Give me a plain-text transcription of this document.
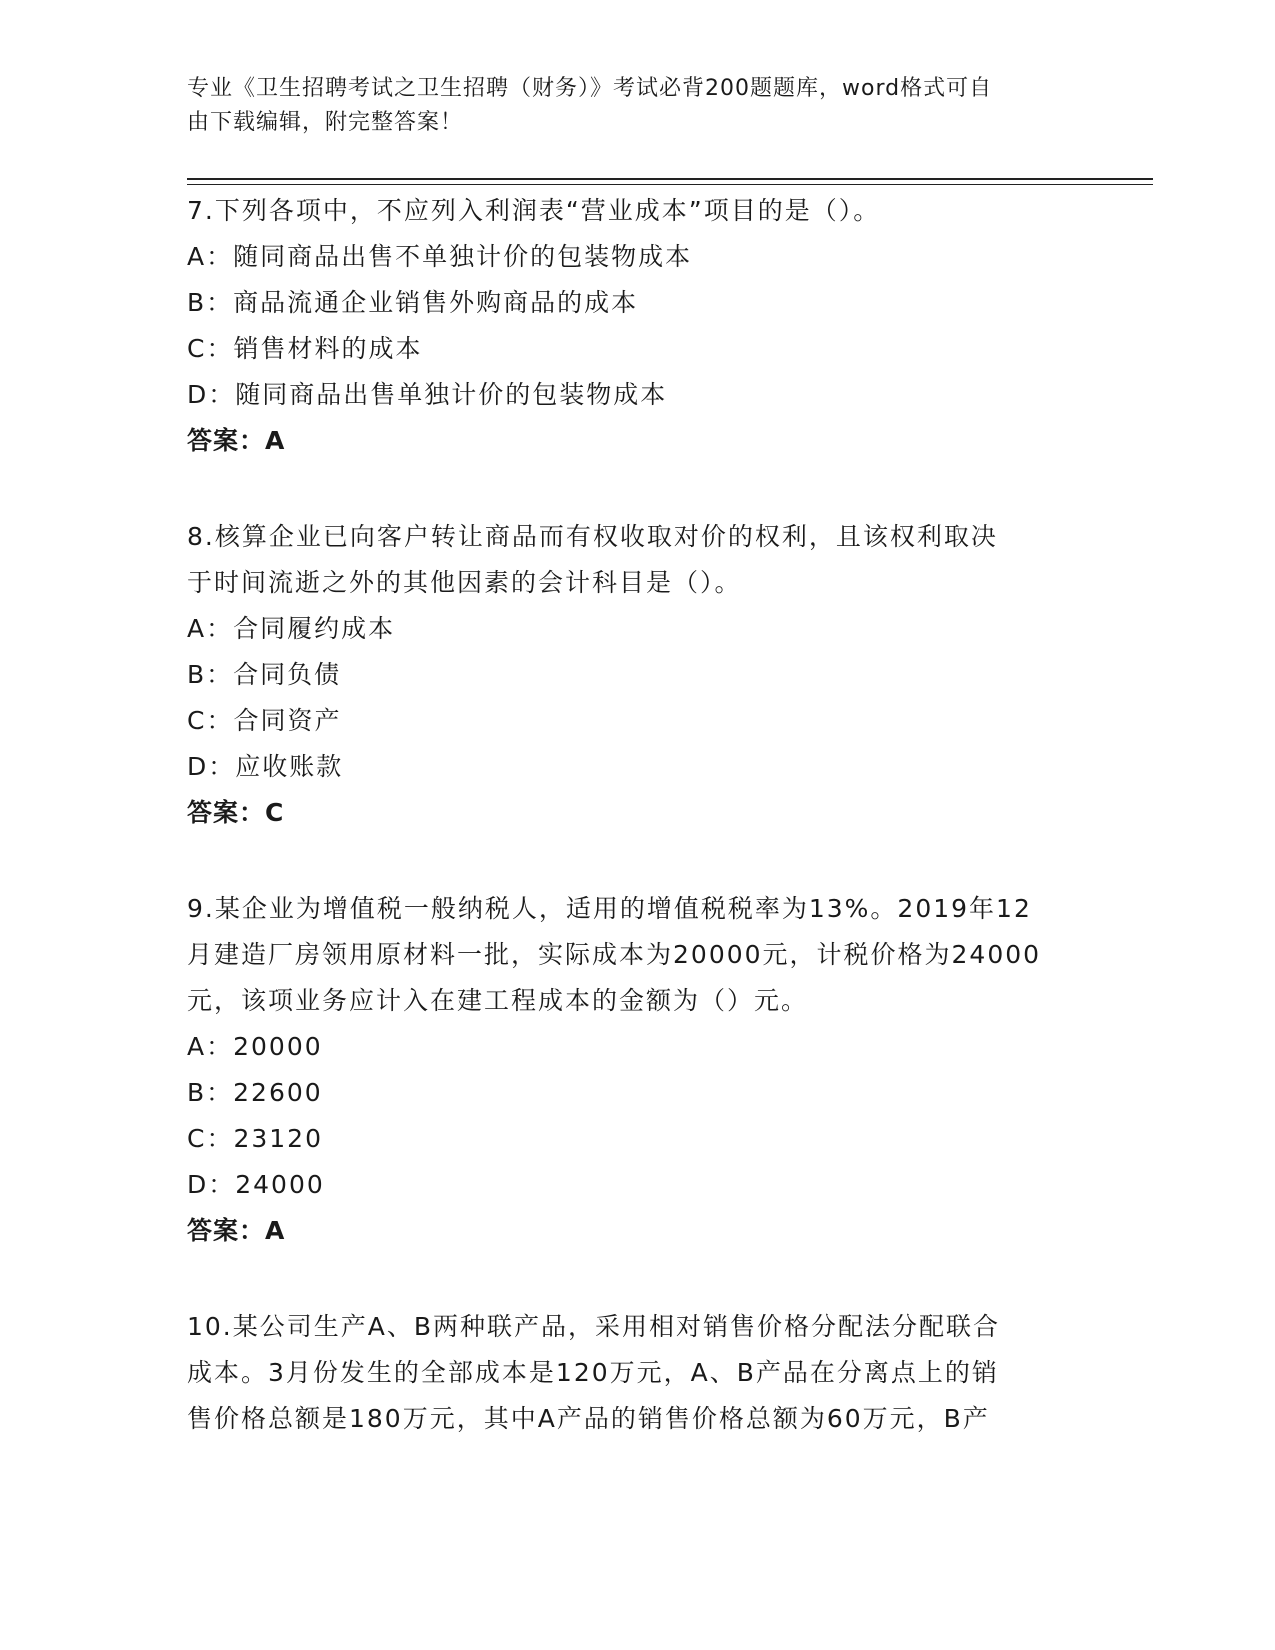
专业《卫生招聘考试之卫生招聘（财务）》考试必背200题题库，word格式可自
由下载编辑，附完整答案！
7.下列各项中，不应列入利润表“营业成本”项目的是（）。
A：随同商品出售不单独计价的包装物成本
B：商品流通企业销售外购商品的成本
C：销售材料的成本
D：随同商品出售单独计价的包装物成本
答案：A
8.核算企业已向客户转让商品而有权收取对价的权利，且该权利取决
于时间流逝之外的其他因素的会计科目是（）。
A：合同履约成本
B：合同负债
C：合同资产
D：应收账款
答案：C
9.某企业为增值税一般纳税人，适用的增值税税率为13%。2019年12
月建造厂房领用原材料一批，实际成本为20000元，计税价格为24000
元，该项业务应计入在建工程成本的金额为（）元。
A：20000
B：22600
C：23120
D：24000
答案：A
10.某公司生产A、B两种联产品，采用相对销售价格分配法分配联合
成本。3月份发生的全部成本是120万元，A、B产品在分离点上的销
售价格总额是180万元，其中A产品的销售价格总额为60万元，B产
